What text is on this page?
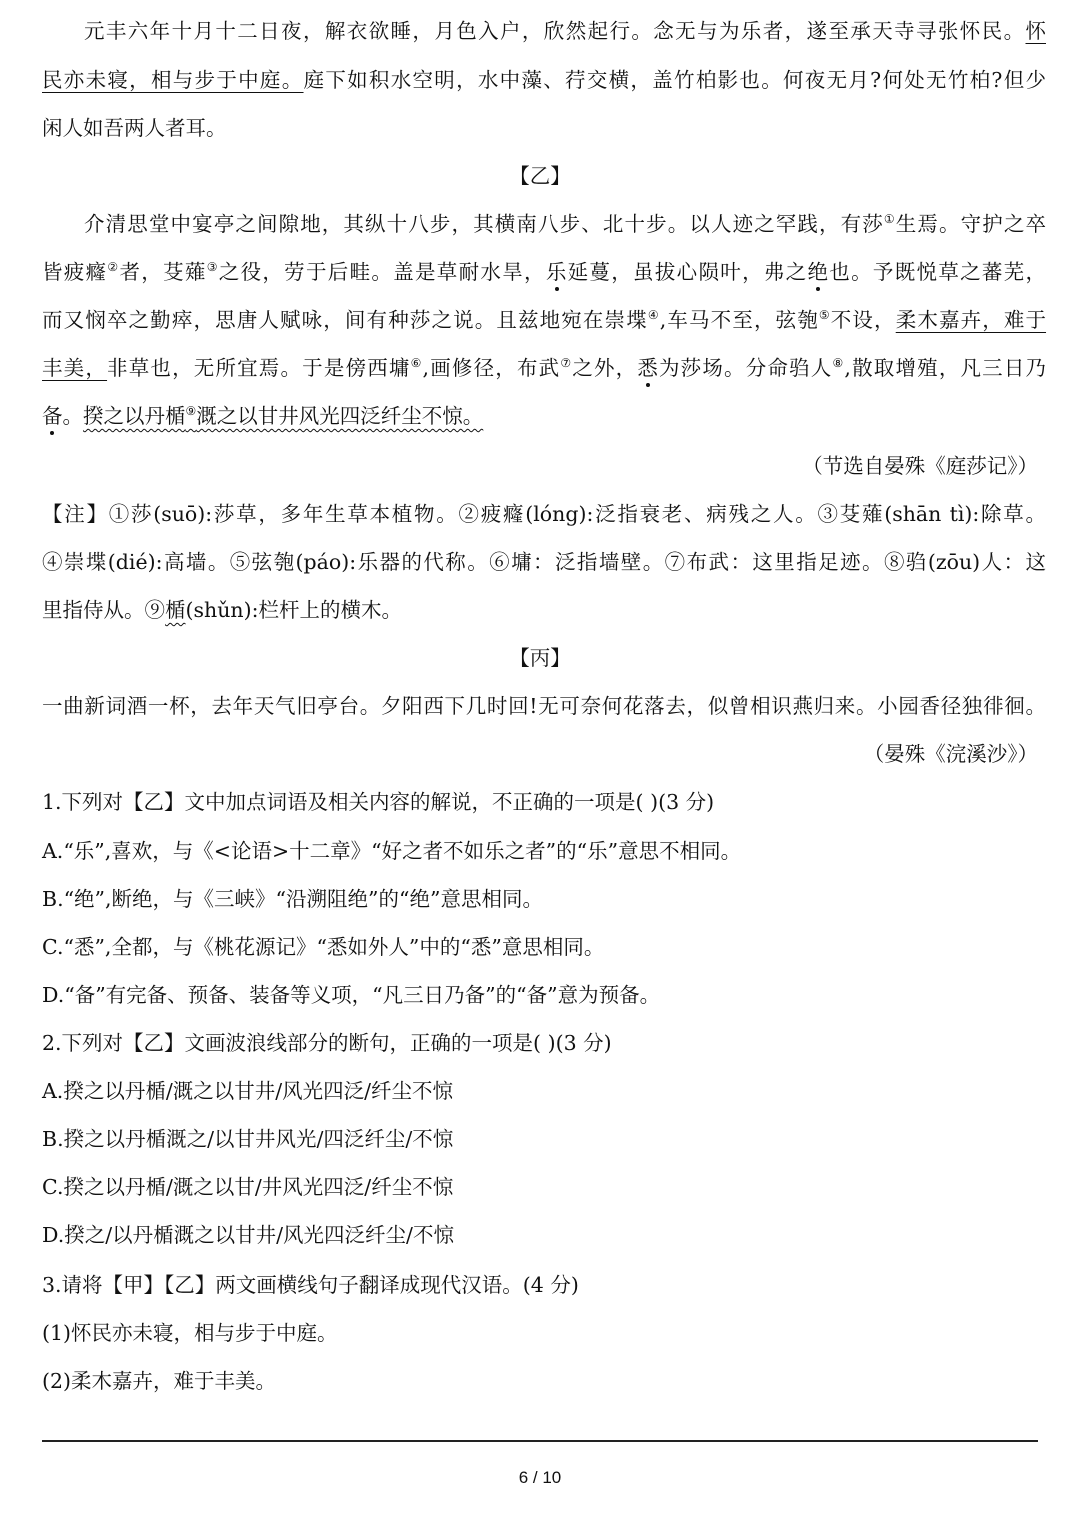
元丰六年十月十二日夜，解衣欲睡，月色入户，欣然起行。念无与为乐者，遂至承天寺寻张怀民。怀
民亦未寝，相与步于中庭。庭下如积水空明，水中藻、荇交横，盖竹柏影也。何夜无月?何处无竹柏?但少
闲人如吾两人者耳。
【乙】
介清思堂中宴亭之间隙地，其纵十八步，其横南八步、北十步。以人迹之罕践，有莎①生焉。守护之卒
皆疲癃②者，芟薙③之役，劳于后畦。盖是草耐水旱，乐延蔓，虽拔心陨叶，弗之绝也。予既悦草之蕃芜，
而又悯卒之勤瘁，思唐人赋咏，间有种莎之说。且兹地宛在崇堞④,车马不至，弦匏⑤不设，柔木嘉卉，难于
丰美，非草也，无所宜焉。于是傍西墉⑥,画修径，布武⑦之外，悉为莎场。分命驺人⑧,散取增殖，凡三日乃
备。揆之以丹楯⑨溉之以甘井风光四泛纤尘不惊。
（节选自晏殊《庭莎记》）
【注】①莎(suō):莎草，多年生草本植物。②疲癃(lóng):泛指衰老、病残之人。③芟薙(shān tì):除草。
④崇堞(dié):高墙。⑤弦匏(páo):乐器的代称。⑥墉：泛指墙壁。⑦布武：这里指足迹。⑧驺(zōu)人：这
里指侍从。⑨楯(shǔn):栏杆上的横木。
【丙】
一曲新词酒一杯，去年天气旧亭台。夕阳西下几时回!无可奈何花落去，似曾相识燕归来。小园香径独徘徊。
（晏殊《浣溪沙》）
1.下列对【乙】文中加点词语及相关内容的解说，不正确的一项是( )(3 分)
A.“乐”,喜欢，与《<论语>十二章》“好之者不如乐之者”的“乐”意思不相同。
B.“绝”,断绝，与《三峡》“沿溯阻绝”的“绝”意思相同。
C.“悉”,全都，与《桃花源记》“悉如外人”中的“悉”意思相同。
D.“备”有完备、预备、装备等义项，“凡三日乃备”的“备”意为预备。
2.下列对【乙】文画波浪线部分的断句，正确的一项是( )(3 分)
A.揆之以丹楯/溉之以甘井/风光四泛/纤尘不惊
B.揆之以丹楯溉之/以甘井风光/四泛纤尘/不惊
C.揆之以丹楯/溉之以甘/井风光四泛/纤尘不惊
D.揆之/以丹楯溉之以甘井/风光四泛纤尘/不惊
3.请将【甲】【乙】两文画横线句子翻译成现代汉语。(4 分)
(1)怀民亦未寝，相与步于中庭。
(2)柔木嘉卉，难于丰美。
6 / 10
